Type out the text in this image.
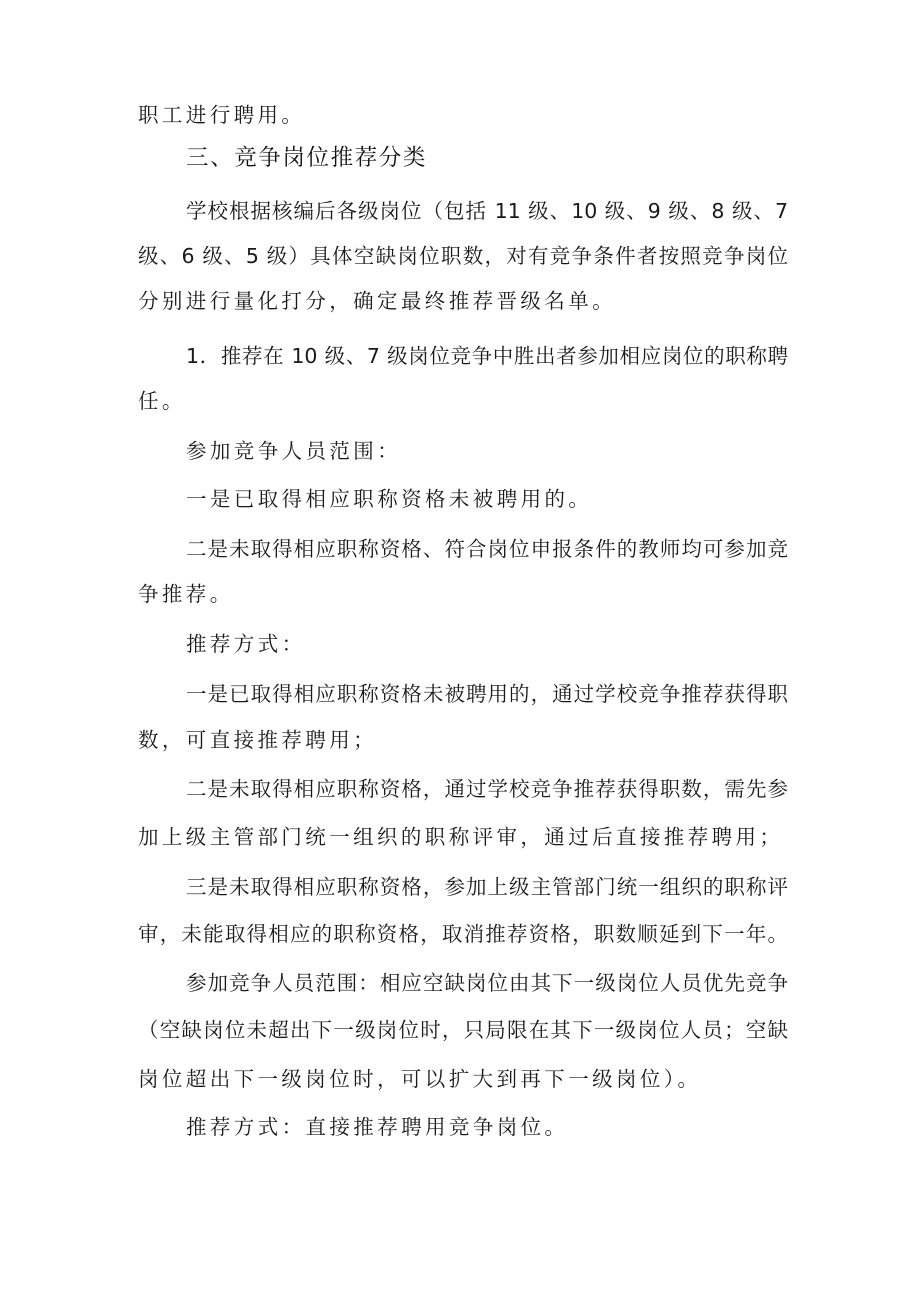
职工进行聘用。
三、竞争岗位推荐分类
学校根据核编后各级岗位（包括 11 级、10 级、9 级、8 级、7
级、6 级、5 级）具体空缺岗位职数，对有竞争条件者按照竞争岗位
分别进行量化打分，确定最终推荐晋级名单。
1．推荐在 10 级、7 级岗位竞争中胜出者参加相应岗位的职称聘
任。
参加竞争人员范围：
一是已取得相应职称资格未被聘用的。
二是未取得相应职称资格、符合岗位申报条件的教师均可参加竞
争推荐。
推荐方式：
一是已取得相应职称资格未被聘用的，通过学校竞争推荐获得职
数，可直接推荐聘用；
二是未取得相应职称资格，通过学校竞争推荐获得职数，需先参
加上级主管部门统一组织的职称评审，通过后直接推荐聘用；
三是未取得相应职称资格，参加上级主管部门统一组织的职称评
审，未能取得相应的职称资格，取消推荐资格，职数顺延到下一年。
参加竞争人员范围：相应空缺岗位由其下一级岗位人员优先竞争
（空缺岗位未超出下一级岗位时，只局限在其下一级岗位人员；空缺
岗位超出下一级岗位时，可以扩大到再下一级岗位）。
推荐方式：直接推荐聘用竞争岗位。
